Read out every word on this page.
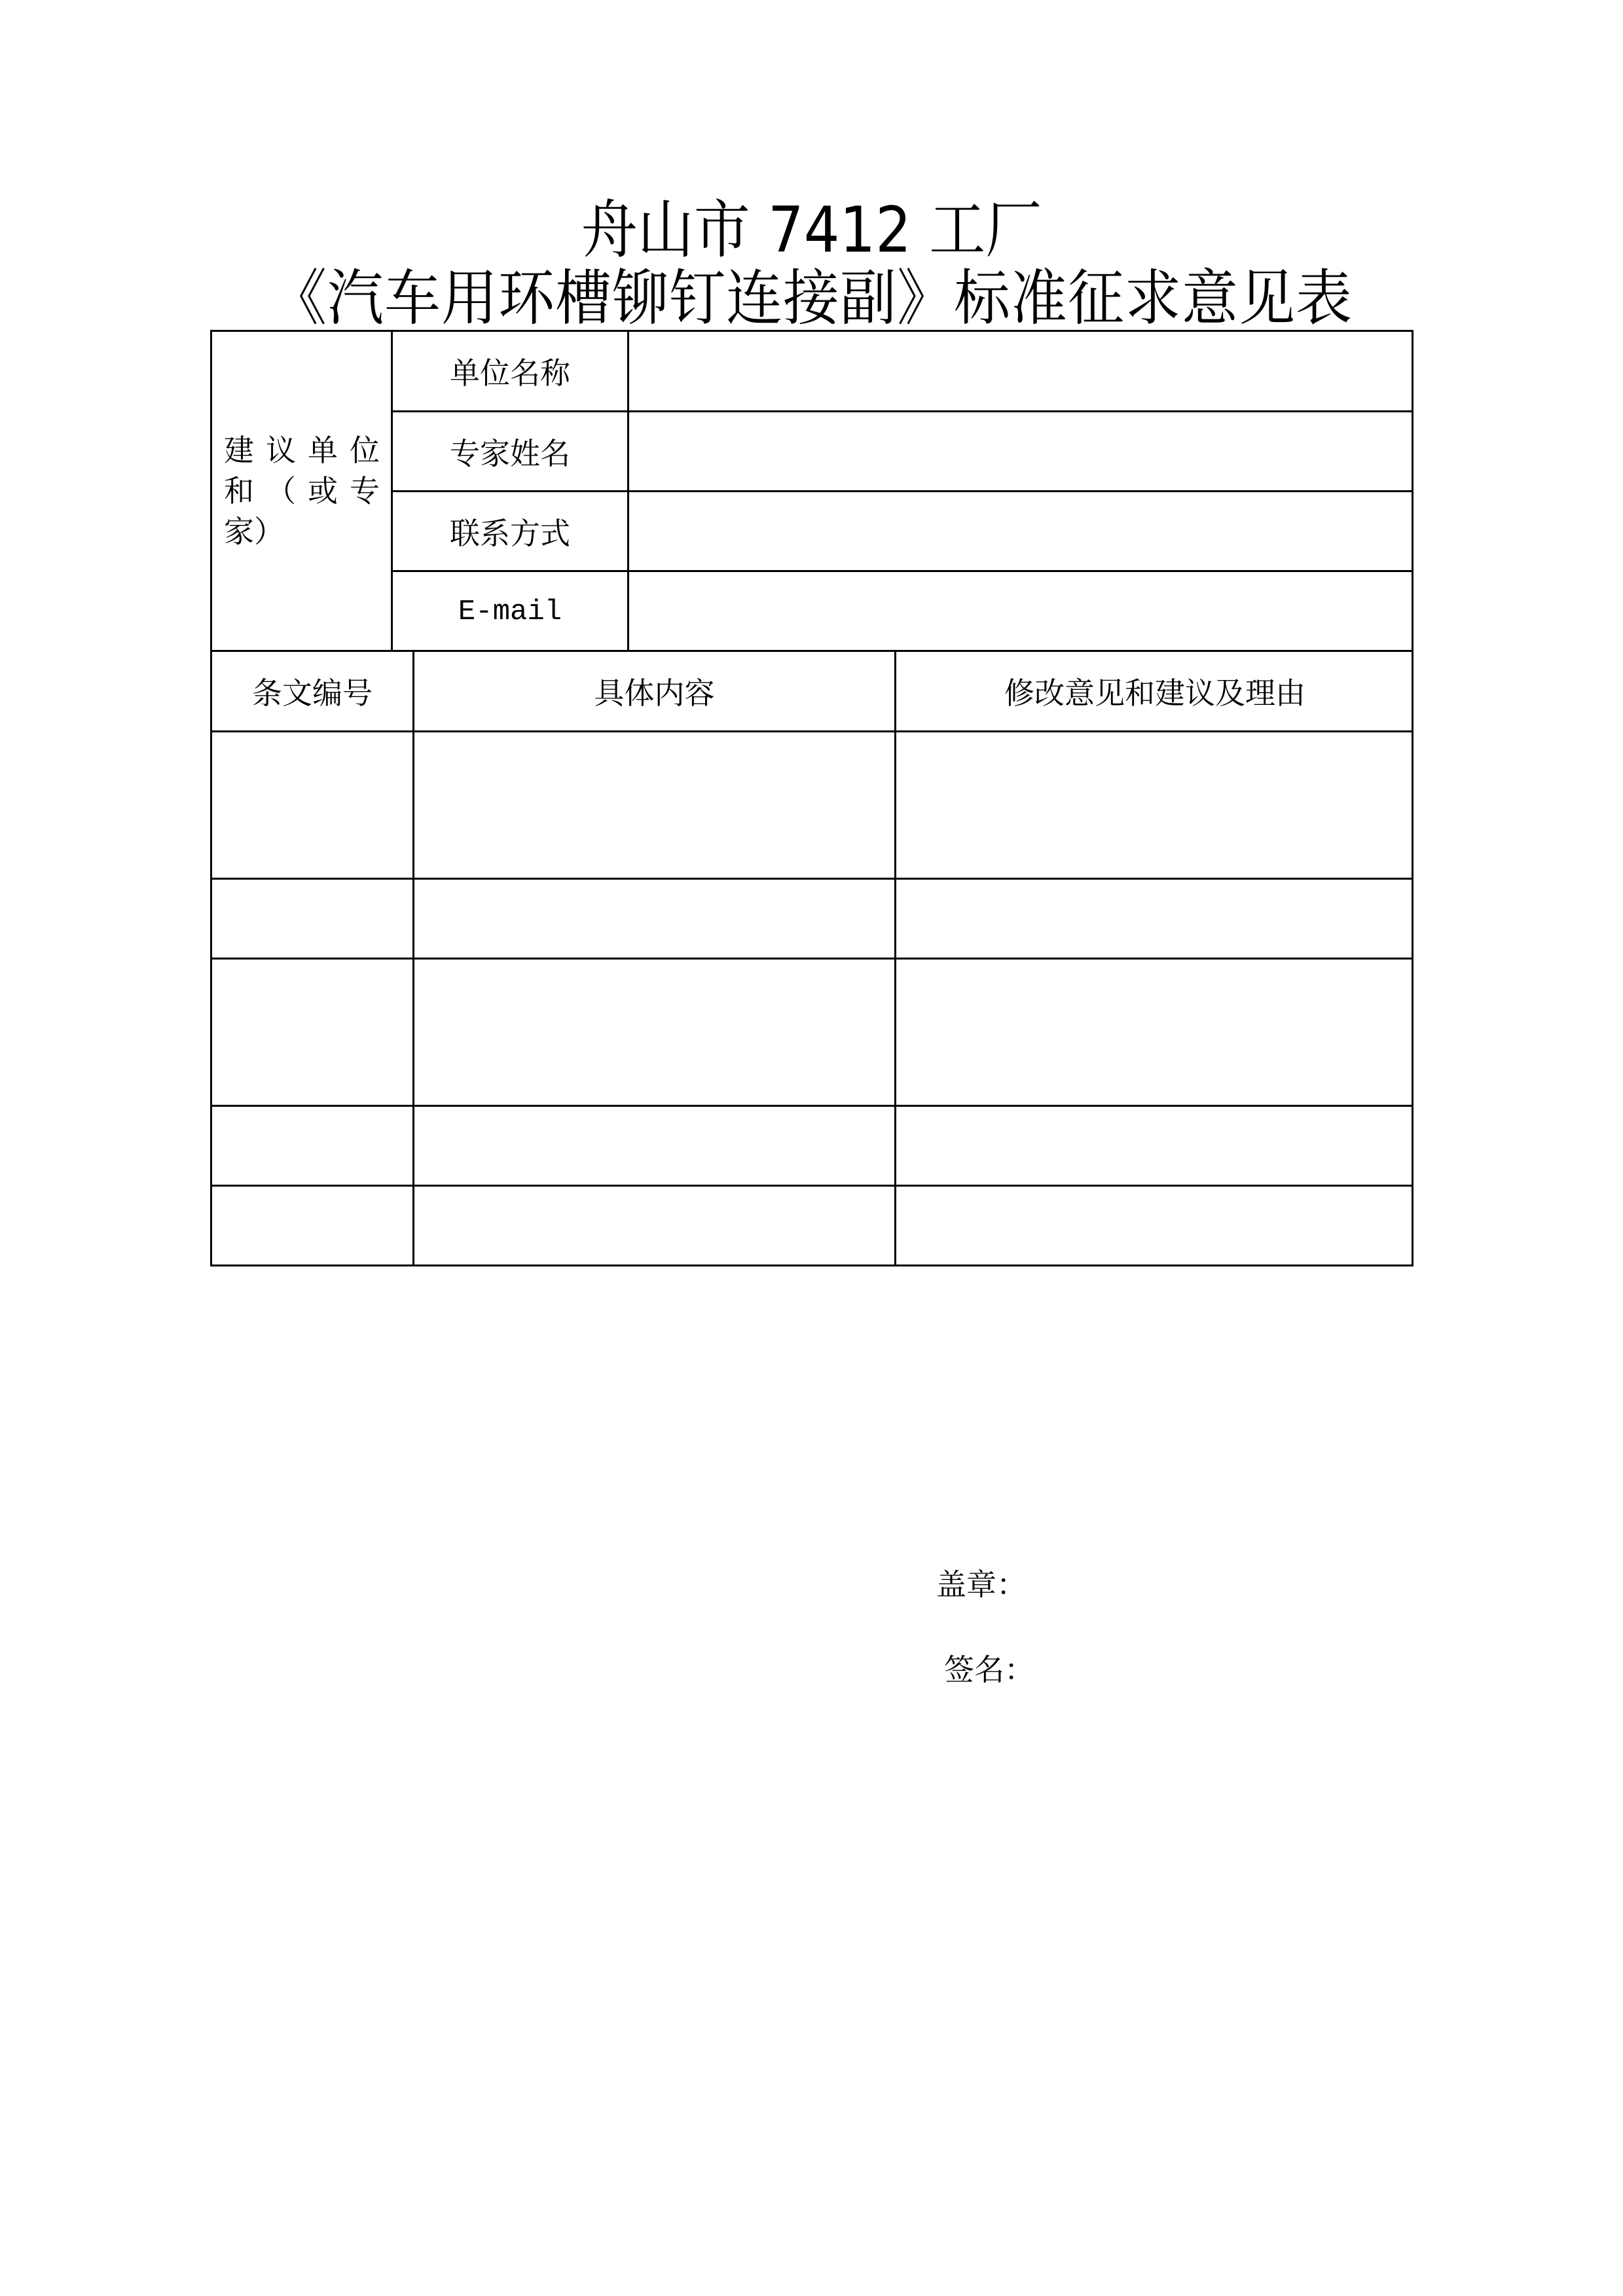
舟山市 7412 工厂
《汽车用环槽铆钉连接副》标准征求意见表
建 议 单 位
和 （ 或 专
家）
单位名称
专家姓名
联系方式
E-mail
条文编号	具体内容	修改意见和建议及理由
盖章：
签名：
